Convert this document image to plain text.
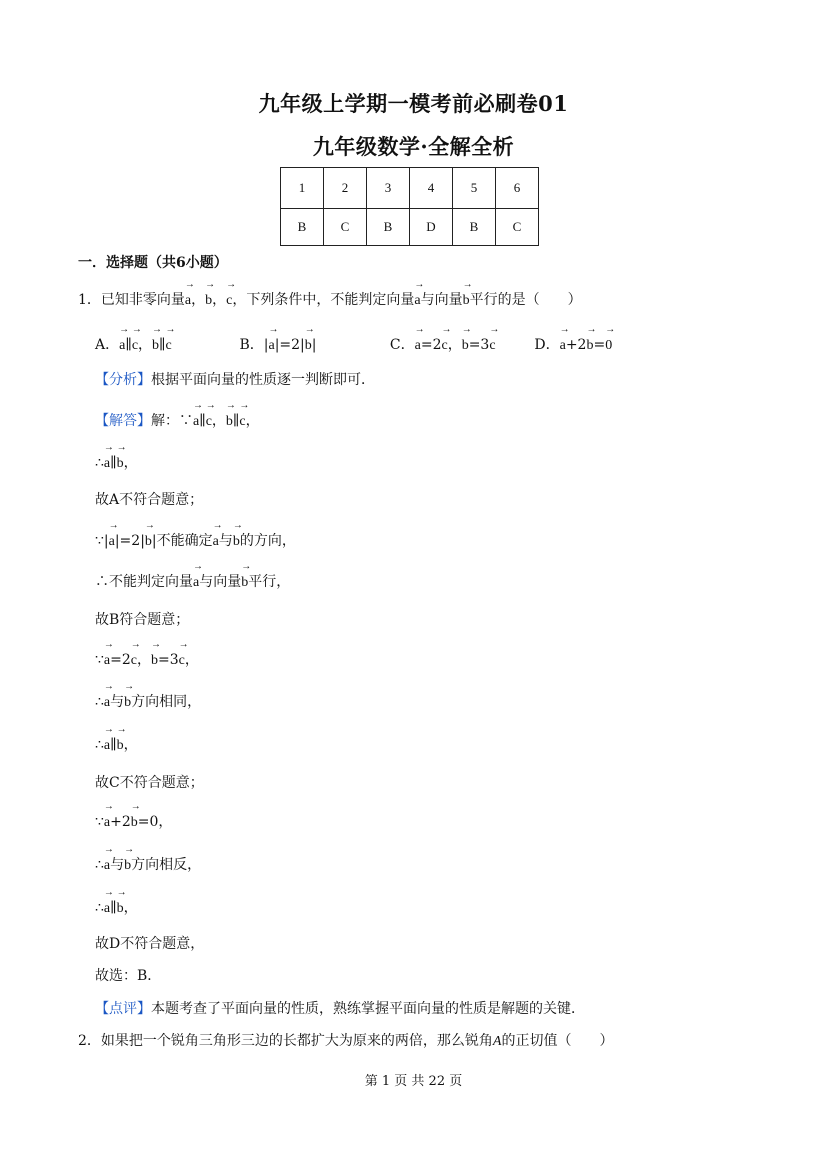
九年级上学期一模考前必刷卷01
九年级数学·全解全析
1	2	3	4	5	6
B	C	B	D	B	C
一．选择题（共6小题）
1．已知非零向量→ a，→ b，→ c，下列条件中，不能判定向量→ a与向量→ b平行的是（　　）
A．→ a∥→ c，→ b∥→ c	B．|→ a|=2|→ b|	C．→ a=2→ c，→ b=3→ c	D．→ a+2→ b=→ 0
【分析】根据平面向量的性质逐一判断即可．
【解答】解：∵→ a∥→ c，→ b∥→ c，
∴→ a∥→ b，
故A不符合题意；
∵|→ a|=2|→ b|不能确定→ a与→ b的方向，
∴不能判定向量→ a与向量→ b平行，
故B符合题意；
∵→ a=2→ c，→ b=3→ c，
∴→ a与→ b方向相同，
∴→ a∥→ b，
故C不符合题意；
∵→ a+2→ b=0，
∴→ a与→ b方向相反，
∴→ a∥→ b，
故D不符合题意，
故选：B．
【点评】本题考查了平面向量的性质，熟练掌握平面向量的性质是解题的关键．
2．如果把一个锐角三角形三边的长都扩大为原来的两倍，那么锐角A的正切值（　　）
第 1 页 共 22 页
